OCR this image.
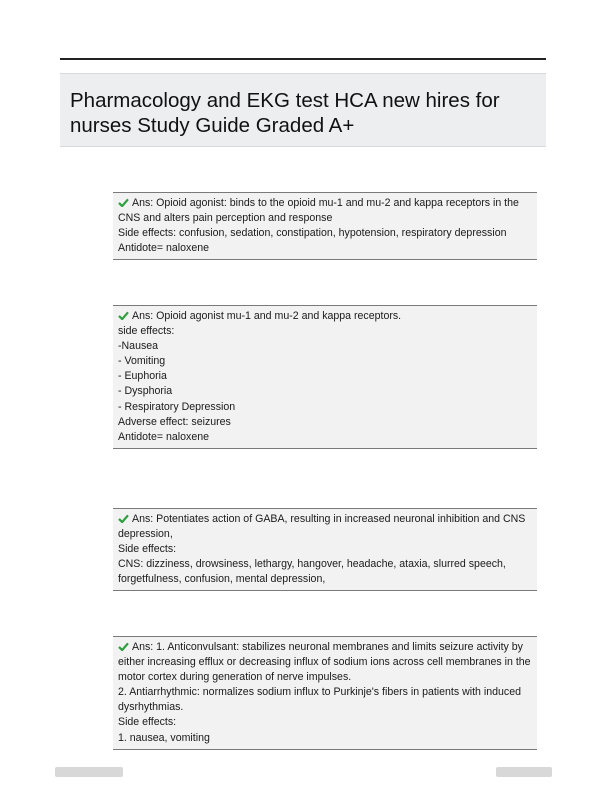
Pharmacology and EKG test HCA new hires for nurses Study Guide Graded A+
Ans: Opioid agonist: binds to the opioid mu-1 and mu-2 and kappa receptors in the CNS and alters pain perception and response
Side effects: confusion, sedation, constipation, hypotension, respiratory depression
Antidote= naloxene
Ans: Opioid agonist mu-1 and mu-2 and kappa receptors.
side effects:
-Nausea
- Vomiting
- Euphoria
- Dysphoria
- Respiratory Depression
Adverse effect: seizures
Antidote= naloxene
Ans: Potentiates action of GABA, resulting in increased neuronal inhibition and CNS depression,
Side effects:
CNS: dizziness, drowsiness, lethargy, hangover, headache, ataxia, slurred speech, forgetfulness, confusion, mental depression,
Ans: 1. Anticonvulsant: stabilizes neuronal membranes and limits seizure activity by either increasing efflux or decreasing influx of sodium ions across cell membranes in the motor cortex during generation of nerve impulses.
2. Antiarrhythmic: normalizes sodium influx to Purkinje's fibers in patients with induced dysrhythmias.
Side effects:
1. nausea, vomiting
